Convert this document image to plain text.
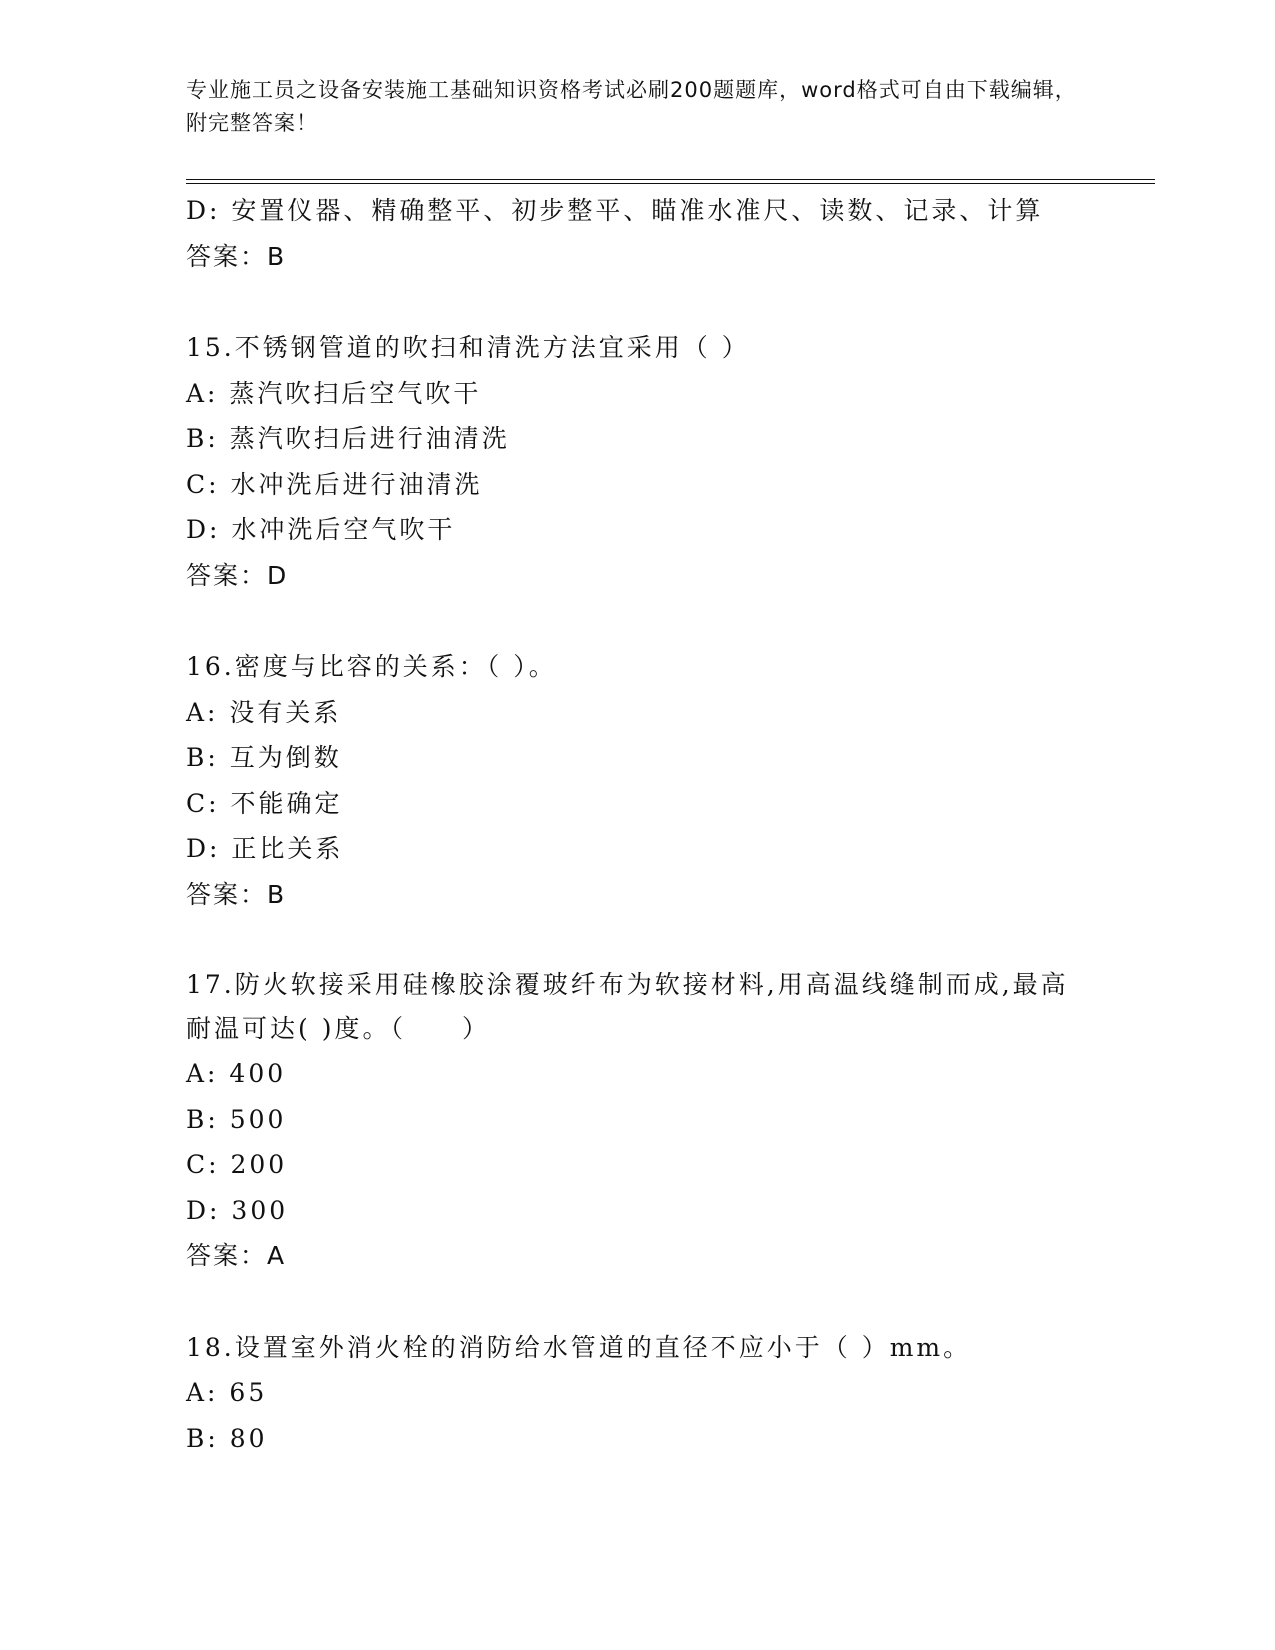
专业施工员之设备安装施工基础知识资格考试必刷200题题库，word格式可自由下载编辑，附完整答案！
D: 安置仪器、精确整平、初步整平、瞄准水准尺、读数、记录、计算
答案：B
15.不锈钢管道的吹扫和清洗方法宜采用（ ）
A: 蒸汽吹扫后空气吹干
B: 蒸汽吹扫后进行油清洗
C: 水冲洗后进行油清洗
D: 水冲洗后空气吹干
答案：D
16.密度与比容的关系：（ ）。
A: 没有关系
B: 互为倒数
C: 不能确定
D: 正比关系
答案：B
17.防火软接采用硅橡胶涂覆玻纤布为软接材料,用高温线缝制而成,最高耐温可达( )度。（　　）
A: 400
B: 500
C: 200
D: 300
答案：A
18.设置室外消火栓的消防给水管道的直径不应小于（ ）mm。
A: 65
B: 80
